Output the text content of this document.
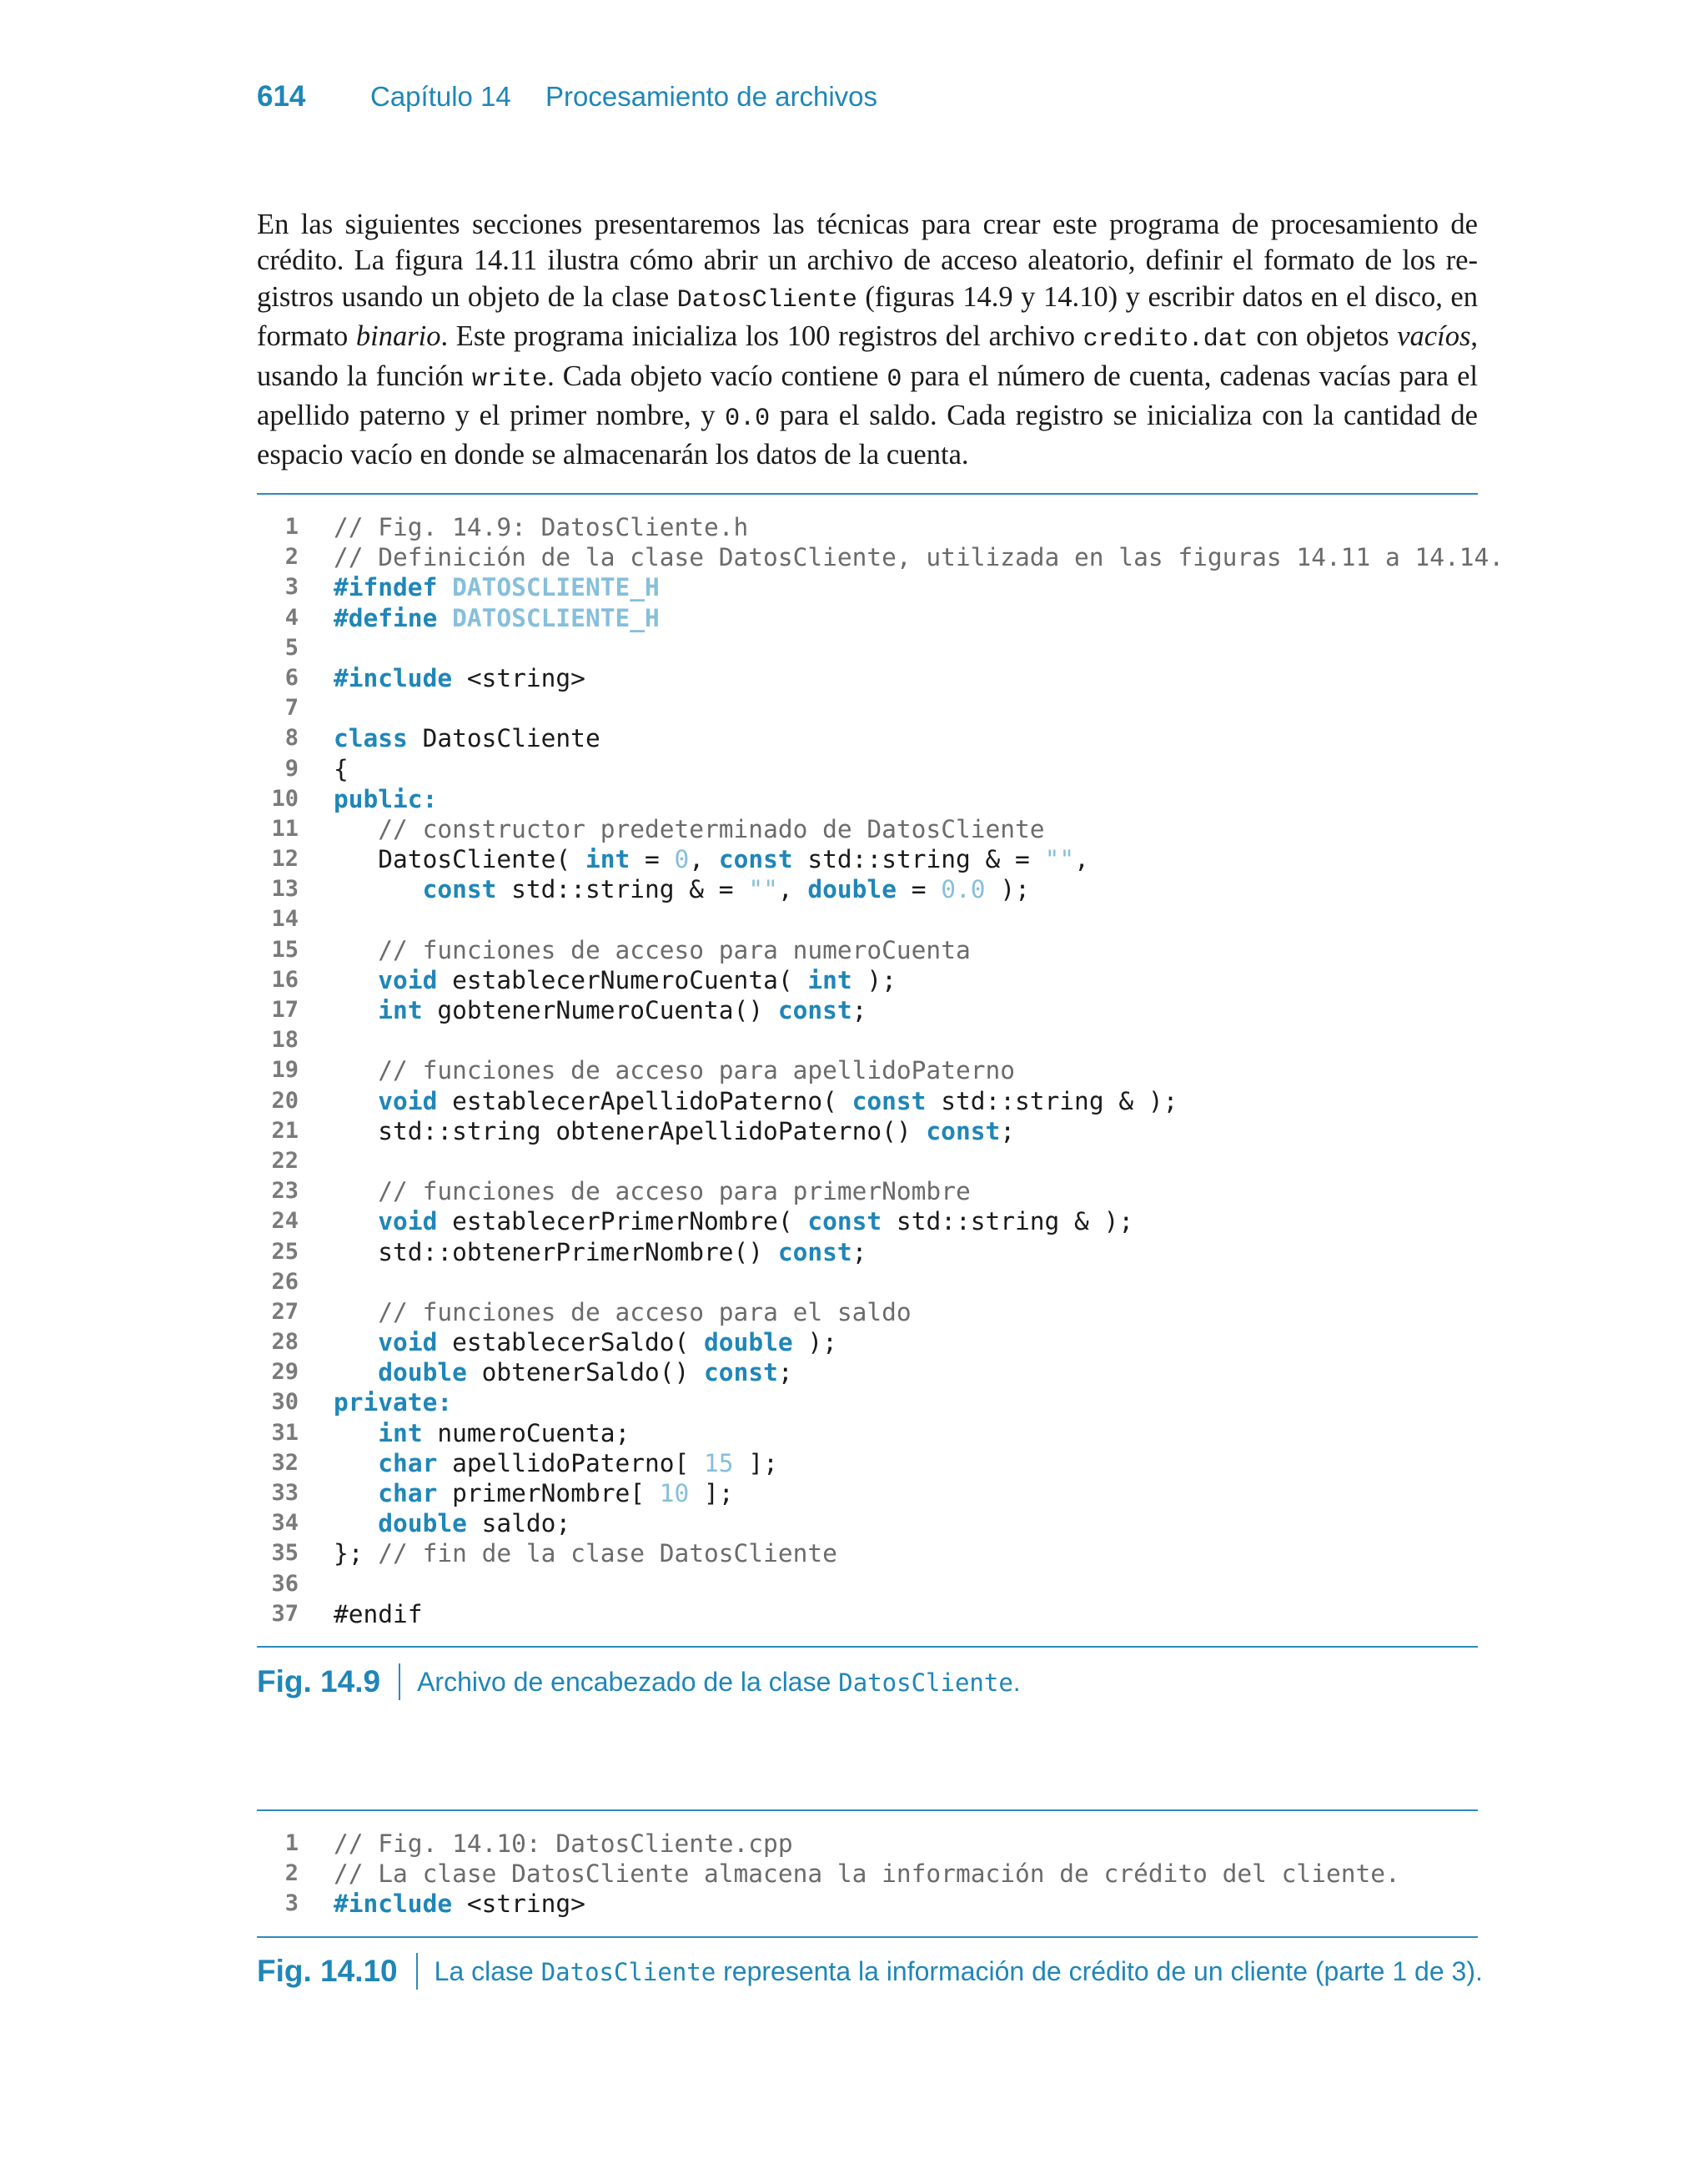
614	Capítulo 14	Procesamiento de archivos

En las siguientes secciones presentaremos las técnicas para crear este programa de procesamiento de crédito. La figura 14.11 ilustra cómo abrir un archivo de acceso aleatorio, definir el formato de los registros usando un objeto de la clase DatosCliente (figuras 14.9 y 14.10) y escribir datos en el disco, en formato binario. Este programa inicializa los 100 registros del archivo credito.dat con objetos vacíos, usando la función write. Cada objeto vacío contiene 0 para el número de cuenta, cadenas vacías para el apellido paterno y el primer nombre, y 0.0 para el saldo. Cada registro se inicializa con la cantidad de espacio vacío en donde se almacenarán los datos de la cuenta.

1 // Fig. 14.9: DatosCliente.h
2 // Definición de la clase DatosCliente, utilizada en las figuras 14.11 a 14.14.
3 #ifndef DATOSCLIENTE_H
4 #define DATOSCLIENTE_H
5
6 #include <string>
7
8 class DatosCliente
9 {
10 public:
11	// constructor predeterminado de DatosCliente
12 DatosCliente( int = 0, const std::string & = "",
13	const std::string & = "", double = 0.0 );
14
15	// funciones de acceso para numeroCuenta
16	void establecerNumeroCuenta( int );
17	int gobtenerNumeroCuenta() const;
18
19	// funciones de acceso para apellidoPaterno
20	void establecerApellidoPaterno( const std::string & );
21 std::string obtenerApellidoPaterno() const;
22
23	// funciones de acceso para primerNombre
24	void establecerPrimerNombre( const std::string & );
25 std::obtenerPrimerNombre() const;
26
27	// funciones de acceso para el saldo
28	void establecerSaldo( double );
29	double obtenerSaldo() const;
30 private:
31	int numeroCuenta;
32	char apellidoPaterno[ 15 ];
33	char primerNombre[ 10 ];
34	double saldo;
35 }; // fin de la clase DatosCliente
36
37 #endif
Fig. 14.9 Archivo de encabezado de la clase DatosCliente.
1 // Fig. 14.10: DatosCliente.cpp
2 // La clase DatosCliente almacena la información de crédito del cliente.
3 #include <string>
Fig. 14.10 La clase DatosCliente representa la información de crédito de un cliente (parte 1 de 3).
